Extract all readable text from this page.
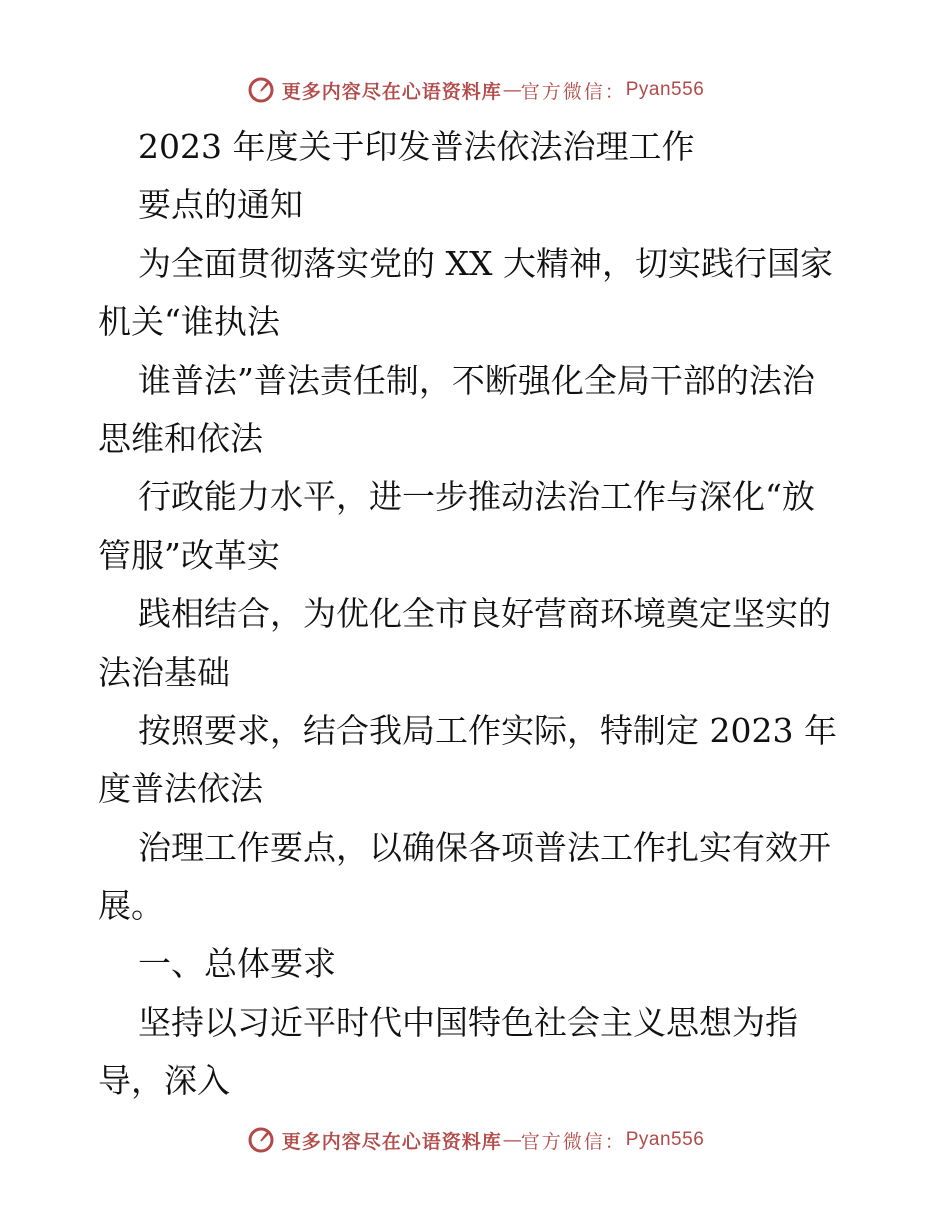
更多内容尽在心语资料库 — 官方微信： Pyan556
2023 年度关于印发普法依法治理工作
要点的通知
为全面贯彻落实党的 XX 大精神，切实践行国家
机关“谁执法
谁普法”普法责任制，不断强化全局干部的法治
思维和依法
行政能力水平，进一步推动法治工作与深化“放
管服”改革实
践相结合，为优化全市良好营商环境奠定坚实的
法治基础
按照要求，结合我局工作实际，特制定 2023 年
度普法依法
治理工作要点，以确保各项普法工作扎实有效开
展。
一、总体要求
坚持以习近平时代中国特色社会主义思想为指
导，深入
更多内容尽在心语资料库 — 官方微信： Pyan556
